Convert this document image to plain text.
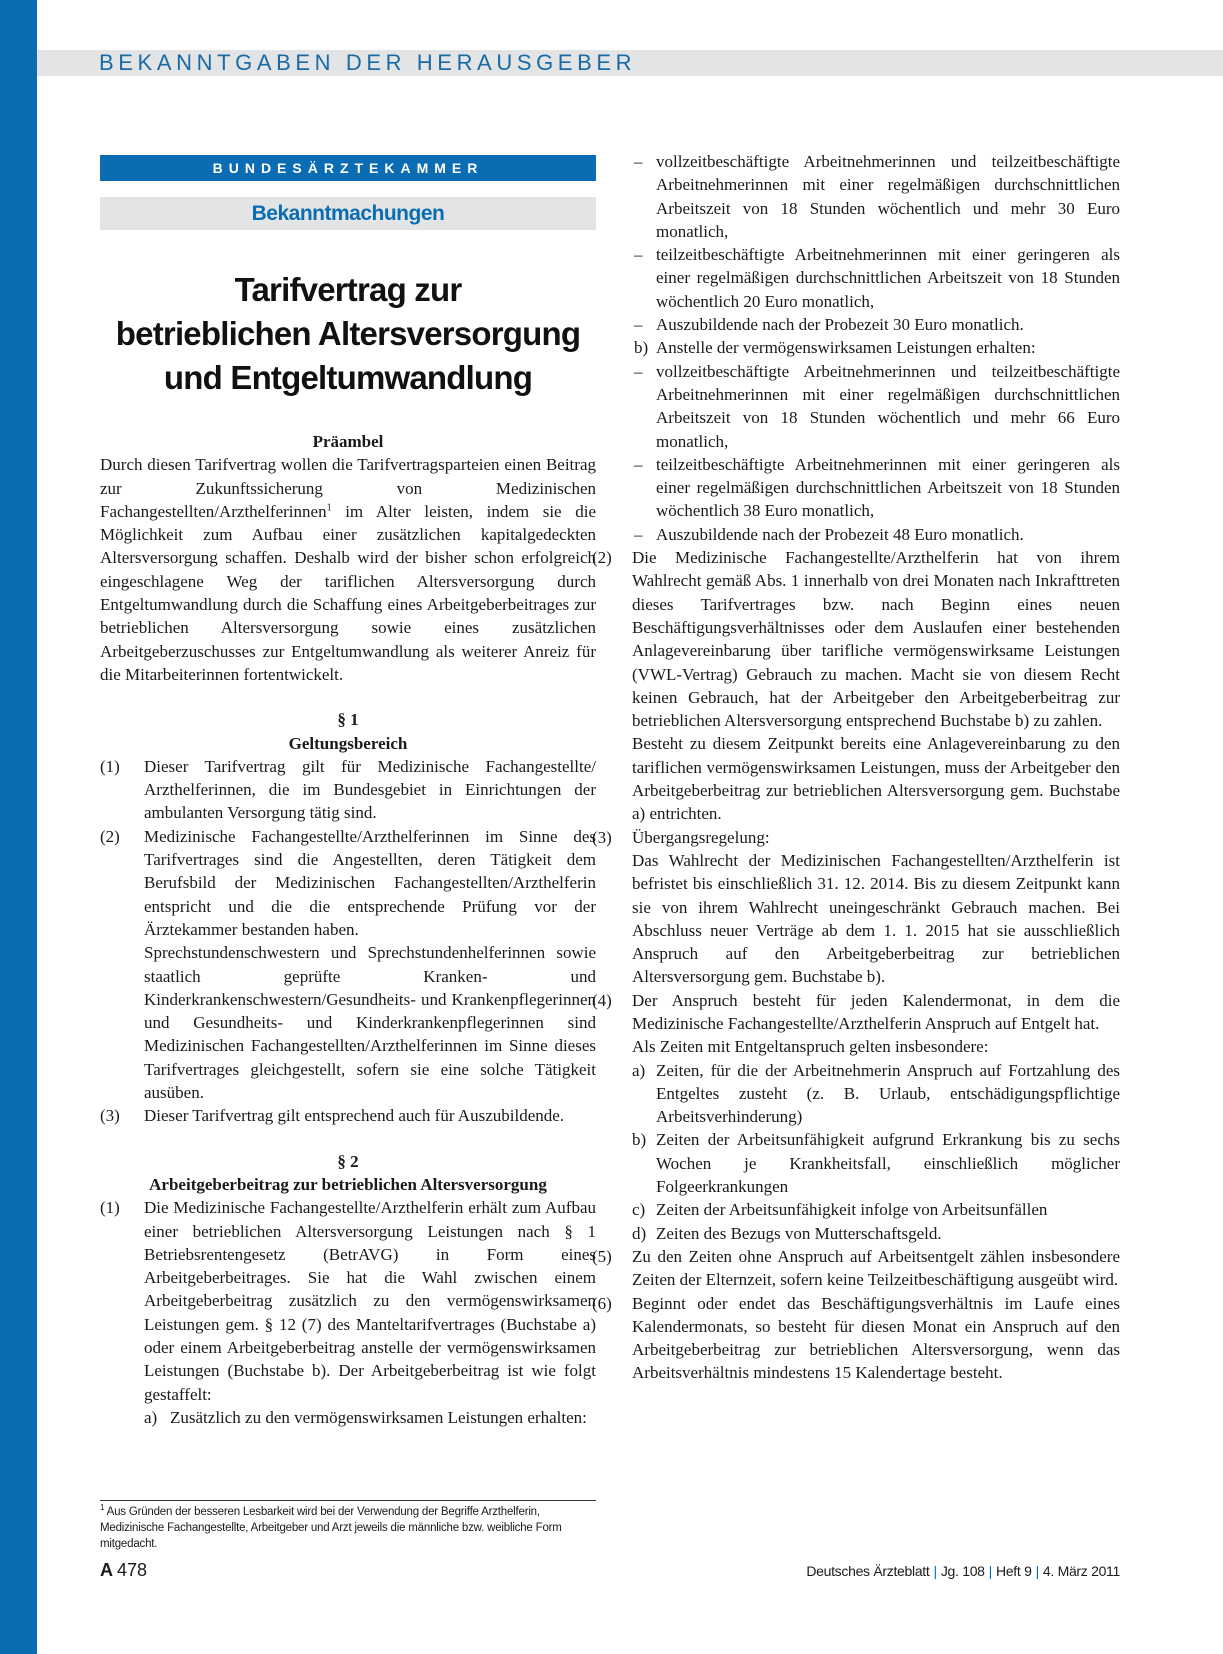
BEKANNTGABEN DER HERAUSGEBER
BUNDESÄRZTEKAMMER
Bekanntmachungen
Tarifvertrag zur
betrieblichen Altersversorgung
und Entgeltumwandlung

Präambel

Durch diesen Tarifvertrag wollen die Tarifvertragsparteien einen Beitrag zur Zukunftssicherung von Medizinischen Fachangestellten/Arzthelferinnen$^1$ im Alter leisten, indem sie die Möglichkeit zum Aufbau einer zusätzlichen kapitalgedeckten Altersversorgung schaffen. Deshalb wird der bisher schon erfolgreich eingeschlagene Weg der tariflichen Altersversorgung durch Entgeltumwandlung durch die Schaffung eines Arbeitgeberbeitrages zur betrieblichen Altersversorgung sowie eines zusätzlichen Arbeitgeberzuschusses zur Entgeltumwandlung als weiterer Anreiz für die Mitarbeiterinnen fortentwickelt.

§ 1

Geltungsbereich

(1) Dieser Tarifvertrag gilt für Medizinische Fachangestellte/ Arzthelferinnen, die im Bundesgebiet in Einrichtungen der ambulanten Versorgung tätig sind.
(2) Medizinische Fachangestellte/Arzthelferinnen im Sinne des Tarifvertrages sind die Angestellten, deren Tätigkeit dem Berufsbild der Medizinischen Fachangestellten/Arzthelferin entspricht und die die entsprechende Prüfung vor der Ärztekammer bestanden haben.
Sprechstundenschwestern und Sprechstundenhelferinnen sowie staatlich geprüfte Kranken- und Kinderkrankenschwestern/Gesundheits- und Krankenpflegerinnen und Gesundheits- und Kinderkrankenpflegerinnen sind Medizinischen Fachangestellten/Arzthelferinnen im Sinne dieses Tarifvertrages gleichgestellt, sofern sie eine solche Tätigkeit ausüben.
(3) Dieser Tarifvertrag gilt entsprechend auch für Auszubildende.

§ 2

Arbeitgeberbeitrag zur betrieblichen Altersversorgung

(1) Die Medizinische Fachangestellte/Arzthelferin erhält zum Aufbau einer betrieblichen Altersversorgung Leistungen nach § 1 Betriebsrentengesetz (BetrAVG) in Form eines Arbeitgeberbeitrages. Sie hat die Wahl zwischen einem Arbeitgeberbeitrag zusätzlich zu den vermögenswirksamen Leistungen gem. § 12 (7) des Manteltarifvertrages (Buchstabe a) oder einem Arbeitgeberbeitrag anstelle der vermögenswirksamen Leistungen (Buchstabe b). Der Arbeitgeberbeitrag ist wie folgt gestaffelt:
a) Zusätzlich zu den vermögenswirksamen Leistungen erhalten:
– vollzeitbeschäftigte Arbeitnehmerinnen und teilzeitbeschäftigte Arbeitnehmerinnen mit einer regelmäßigen durchschnittlichen Arbeitszeit von 18 Stunden wöchentlich und mehr 30 Euro monatlich,
– teilzeitbeschäftigte Arbeitnehmerinnen mit einer geringeren als einer regelmäßigen durchschnittlichen Arbeitszeit von 18 Stunden wöchentlich 20 Euro monatlich,
– Auszubildende nach der Probezeit 30 Euro monatlich.
b) Anstelle der vermögenswirksamen Leistungen erhalten:
– vollzeitbeschäftigte Arbeitnehmerinnen und teilzeitbeschäftigte Arbeitnehmerinnen mit einer regelmäßigen durchschnittlichen Arbeitszeit von 18 Stunden wöchentlich und mehr 66 Euro monatlich,
– teilzeitbeschäftigte Arbeitnehmerinnen mit einer geringeren als einer regelmäßigen durchschnittlichen Arbeitszeit von 18 Stunden wöchentlich 38 Euro monatlich,
– Auszubildende nach der Probezeit 48 Euro monatlich.
(2) Die Medizinische Fachangestellte/Arzthelferin hat von ihrem Wahlrecht gemäß Abs. 1 innerhalb von drei Monaten nach Inkrafttreten dieses Tarifvertrages bzw. nach Beginn eines neuen Beschäftigungsverhältnisses oder dem Auslaufen einer bestehenden Anlagevereinbarung über tarifliche vermögenswirksame Leistungen (VWL-Vertrag) Gebrauch zu machen. Macht sie von diesem Recht keinen Gebrauch, hat der Arbeitgeber den Arbeitgeberbeitrag zur betrieblichen Altersversorgung entsprechend Buchstabe b) zu zahlen.
Besteht zu diesem Zeitpunkt bereits eine Anlagevereinbarung zu den tariflichen vermögenswirksamen Leistungen, muss der Arbeitgeber den Arbeitgeberbeitrag zur betrieblichen Altersversorgung gem. Buchstabe a) entrichten.
(3) Übergangsregelung:
Das Wahlrecht der Medizinischen Fachangestellten/Arzthelferin ist befristet bis einschließlich 31. 12. 2014. Bis zu diesem Zeitpunkt kann sie von ihrem Wahlrecht uneingeschränkt Gebrauch machen. Bei Abschluss neuer Verträge ab dem 1. 1. 2015 hat sie ausschließlich Anspruch auf den Arbeitgeberbeitrag zur betrieblichen Altersversorgung gem. Buchstabe b).
(4) Der Anspruch besteht für jeden Kalendermonat, in dem die Medizinische Fachangestellte/Arzthelferin Anspruch auf Entgelt hat.
Als Zeiten mit Entgeltanspruch gelten insbesondere:
a) Zeiten, für die der Arbeitnehmerin Anspruch auf Fortzahlung des Entgeltes zusteht (z. B. Urlaub, entschädigungspflichtige Arbeitsverhinderung)
b) Zeiten der Arbeitsunfähigkeit aufgrund Erkrankung bis zu sechs Wochen je Krankheitsfall, einschließlich möglicher Folgeerkrankungen
c) Zeiten der Arbeitsunfähigkeit infolge von Arbeitsunfällen
d) Zeiten des Bezugs von Mutterschaftsgeld.
(5) Zu den Zeiten ohne Anspruch auf Arbeitsentgelt zählen insbesondere Zeiten der Elternzeit, sofern keine Teilzeitbeschäftigung ausgeübt wird.
(6) Beginnt oder endet das Beschäftigungsverhältnis im Laufe eines Kalendermonats, so besteht für diesen Monat ein Anspruch auf den Arbeitgeberbeitrag zur betrieblichen Altersversorgung, wenn das Arbeitsverhältnis mindestens 15 Kalendertage besteht.
$^1$ Aus Gründen der besseren Lesbarkeit wird bei der Verwendung der Begriffe Arzthelferin, Medizinische Fachangestellte, Arbeitgeber und Arzt jeweils die männliche bzw. weibliche Form mitgedacht.
A 478	Deutsches Ärzteblatt | Jg. 108 | Heft 9 | 4. März 2011
